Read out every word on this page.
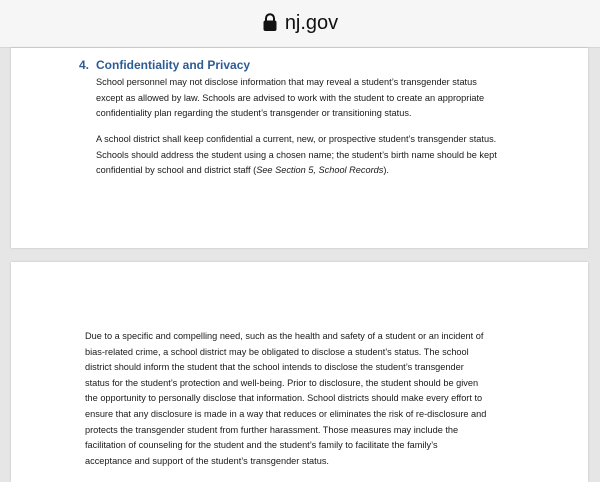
nj.gov
4. Confidentiality and Privacy

School personnel may not disclose information that may reveal a student’s transgender status
except as allowed by law. Schools are advised to work with the student to create an appropriate
confidentiality plan regarding the student’s transgender or transitioning status.

A school district shall keep confidential a current, new, or prospective student’s transgender status.
Schools should address the student using a chosen name; the student’s birth name should be kept
confidential by school and district staff (See Section 5, School Records).

Due to a specific and compelling need, such as the health and safety of a student or an incident of
bias-related crime, a school district may be obligated to disclose a student’s status. The school
district should inform the student that the school intends to disclose the student’s transgender
status for the student’s protection and well-being. Prior to disclosure, the student should be given
the opportunity to personally disclose that information. School districts should make every effort to
ensure that any disclosure is made in a way that reduces or eliminates the risk of re-disclosure and
protects the transgender student from further harassment. Those measures may include the
facilitation of counseling for the student and the student’s family to facilitate the family’s
acceptance and support of the student’s transgender status.
